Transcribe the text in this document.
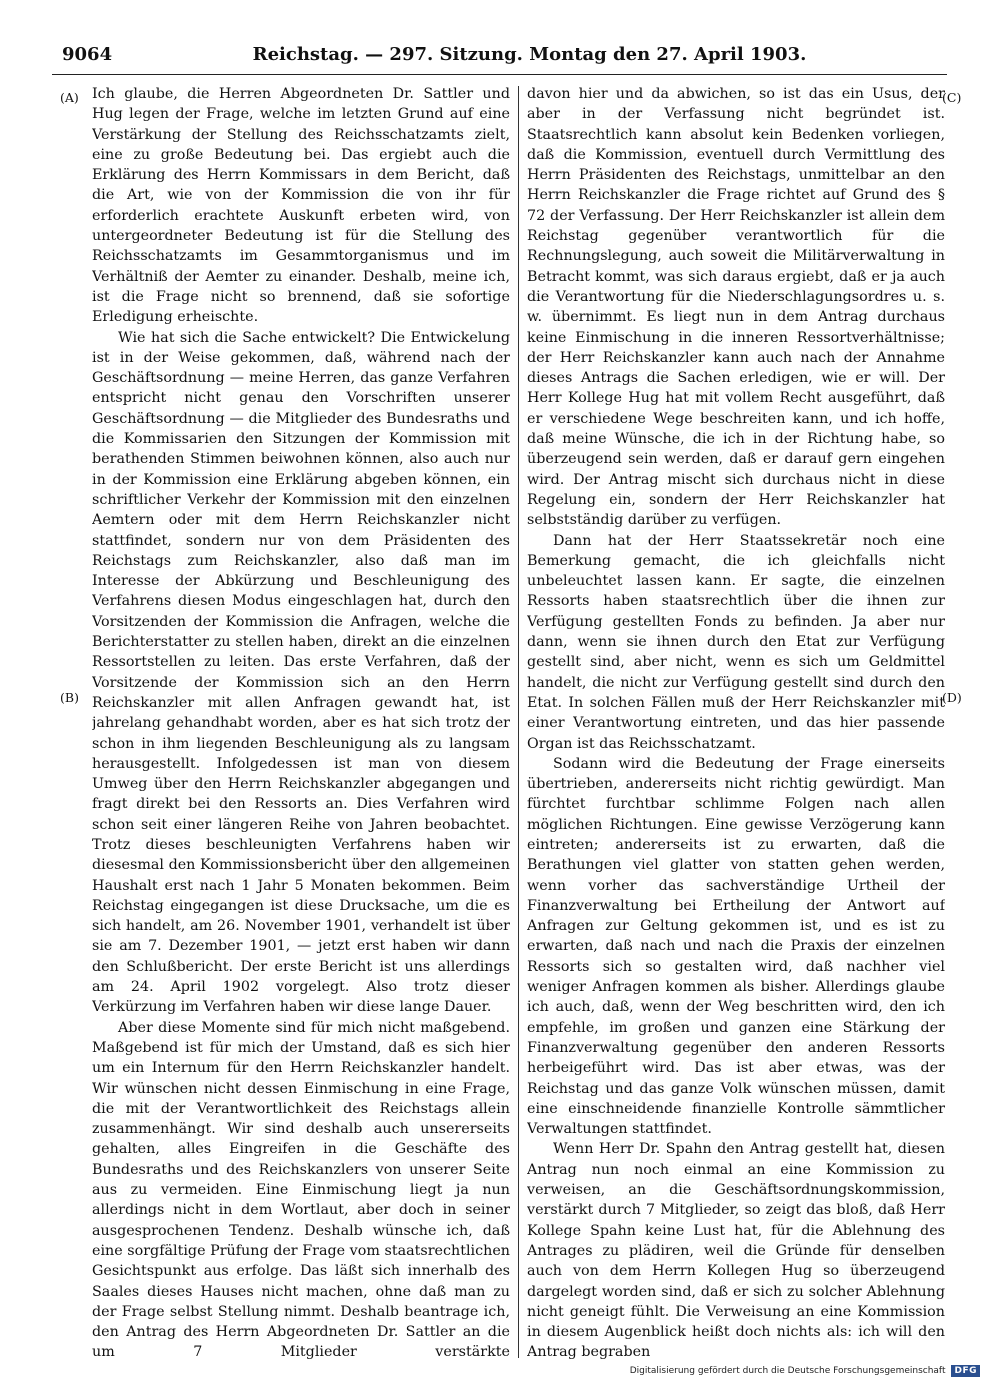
9064	Reichstag. — 297. Sitzung. Montag den 27. April 1903.
(A)	(C)
(B)	(D)

Ich glaube, die Herren Abgeordneten Dr. Sattler und Hug legen der Frage, welche im letzten Grund auf eine Verstärkung der Stellung des Reichsschatzamts zielt, eine zu große Bedeutung bei. Das ergiebt auch die Erklärung des Herrn Kommissars in dem Bericht, daß die Art, wie von der Kommission die von ihr für erforderlich erachtete Auskunft erbeten wird, von untergeordneter Bedeutung ist für die Stellung des Reichsschatzamts im Gesammtorganismus und im Verhältniß der Aemter zu einander. Deshalb, meine ich, ist die Frage nicht so brennend, daß sie sofortige Erledigung erheischte.

Wie hat sich die Sache entwickelt? Die Entwickelung ist in der Weise gekommen, daß, während nach der Geschäftsordnung — meine Herren, das ganze Verfahren entspricht nicht genau den Vorschriften unserer Geschäftsordnung — die Mitglieder des Bundesraths und die Kommissarien den Sitzungen der Kommission mit berathenden Stimmen beiwohnen können, also auch nur in der Kommission eine Erklärung abgeben können, ein schriftlicher Verkehr der Kommission mit den einzelnen Aemtern oder mit dem Herrn Reichskanzler nicht stattfindet, sondern nur von dem Präsidenten des Reichstags zum Reichskanzler, also daß man im Interesse der Abkürzung und Beschleunigung des Verfahrens diesen Modus eingeschlagen hat, durch den Vorsitzenden der Kommission die Anfragen, welche die Berichterstatter zu stellen haben, direkt an die einzelnen Ressortstellen zu leiten. Das erste Verfahren, daß der Vorsitzende der Kommission sich an den Herrn Reichskanzler mit allen Anfragen gewandt hat, ist jahrelang gehandhabt worden, aber es hat sich trotz der schon in ihm liegenden Beschleunigung als zu langsam herausgestellt. Infolgedessen ist man von diesem Umweg über den Herrn Reichskanzler abgegangen und fragt direkt bei den Ressorts an. Dies Verfahren wird schon seit einer längeren Reihe von Jahren beobachtet. Trotz dieses beschleunigten Verfahrens haben wir diesesmal den Kommissionsbericht über den allgemeinen Haushalt erst nach 1 Jahr 5 Monaten bekommen. Beim Reichstag eingegangen ist diese Drucksache, um die es sich handelt, am 26. November 1901, verhandelt ist über sie am 7. Dezember 1901, — jetzt erst haben wir dann den Schlußbericht. Der erste Bericht ist uns allerdings am 24. April 1902 vorgelegt. Also trotz dieser Verkürzung im Verfahren haben wir diese lange Dauer.

Aber diese Momente sind für mich nicht maßgebend. Maßgebend ist für mich der Umstand, daß es sich hier um ein Internum für den Herrn Reichskanzler handelt. Wir wünschen nicht dessen Einmischung in eine Frage, die mit der Verantwortlichkeit des Reichstags allein zusammenhängt. Wir sind deshalb auch unsererseits gehalten, alles Eingreifen in die Geschäfte des Bundesraths und des Reichskanzlers von unserer Seite aus zu vermeiden. Eine Einmischung liegt ja nun allerdings nicht in dem Wortlaut, aber doch in seiner ausgesprochenen Tendenz. Deshalb wünsche ich, daß eine sorgfältige Prüfung der Frage vom staatsrechtlichen Gesichtspunkt aus erfolge. Das läßt sich innerhalb des Saales dieses Hauses nicht machen, ohne daß man zu der Frage selbst Stellung nimmt. Deshalb beantrage ich, den Antrag des Herrn Abgeordneten Dr. Sattler an die um 7 Mitglieder verstärkte

davon hier und da abwichen, so ist das ein Usus, der aber in der Verfassung nicht begründet ist. Staatsrechtlich kann absolut kein Bedenken vorliegen, daß die Kommission, eventuell durch Vermittlung des Herrn Präsidenten des Reichstags, unmittelbar an den Herrn Reichskanzler die Frage richtet auf Grund des § 72 der Verfassung. Der Herr Reichskanzler ist allein dem Reichstag gegenüber verantwortlich für die Rechnungslegung, auch soweit die Militärverwaltung in Betracht kommt, was sich daraus ergiebt, daß er ja auch die Verantwortung für die Niederschlagungsordres u. s. w. übernimmt. Es liegt nun in dem Antrag durchaus keine Einmischung in die inneren Ressortverhältnisse; der Herr Reichskanzler kann auch nach der Annahme dieses Antrags die Sachen erledigen, wie er will. Der Herr Kollege Hug hat mit vollem Recht ausgeführt, daß er verschiedene Wege beschreiten kann, und ich hoffe, daß meine Wünsche, die ich in der Richtung habe, so überzeugend sein werden, daß er darauf gern eingehen wird. Der Antrag mischt sich durchaus nicht in diese Regelung ein, sondern der Herr Reichskanzler hat selbstständig darüber zu verfügen.

Dann hat der Herr Staatssekretär noch eine Bemerkung gemacht, die ich gleichfalls nicht unbeleuchtet lassen kann. Er sagte, die einzelnen Ressorts haben staatsrechtlich über die ihnen zur Verfügung gestellten Fonds zu befinden. Ja aber nur dann, wenn sie ihnen durch den Etat zur Verfügung gestellt sind, aber nicht, wenn es sich um Geldmittel handelt, die nicht zur Verfügung gestellt sind durch den Etat. In solchen Fällen muß der Herr Reichskanzler mit einer Verantwortung eintreten, und das hier passende Organ ist das Reichsschatzamt.

Sodann wird die Bedeutung der Frage einerseits übertrieben, andererseits nicht richtig gewürdigt. Man fürchtet furchtbar schlimme Folgen nach allen möglichen Richtungen. Eine gewisse Verzögerung kann eintreten; andererseits ist zu erwarten, daß die Berathungen viel glatter von statten gehen werden, wenn vorher das sachverständige Urtheil der Finanzverwaltung bei Ertheilung der Antwort auf Anfragen zur Geltung gekommen ist, und es ist zu erwarten, daß nach und nach die Praxis der einzelnen Ressorts sich so gestalten wird, daß nachher viel weniger Anfragen kommen als bisher. Allerdings glaube ich auch, daß, wenn der Weg beschritten wird, den ich empfehle, im großen und ganzen eine Stärkung der Finanzverwaltung gegenüber den anderen Ressorts herbeigeführt wird. Das ist aber etwas, was der Reichstag und das ganze Volk wünschen müssen, damit eine einschneidende finanzielle Kontrolle sämmtlicher Verwaltungen stattfindet.

Wenn Herr Dr. Spahn den Antrag gestellt hat, diesen Antrag nun noch einmal an eine Kommission zu verweisen, an die Geschäftsordnungskommission, verstärkt durch 7 Mitglieder, so zeigt das bloß, daß Herr Kollege Spahn keine Lust hat, für die Ablehnung des Antrages zu plädiren, weil die Gründe für denselben auch von dem Herrn Kollegen Hug so überzeugend dargelegt worden sind, daß er sich zu solcher Ablehnung nicht geneigt fühlt. Die Verweisung an eine Kommission in diesem Augenblick heißt doch nichts als: ich will den Antrag begraben

Digitalisierung gefördert durch die Deutsche Forschungsgemeinschaft	DFG
